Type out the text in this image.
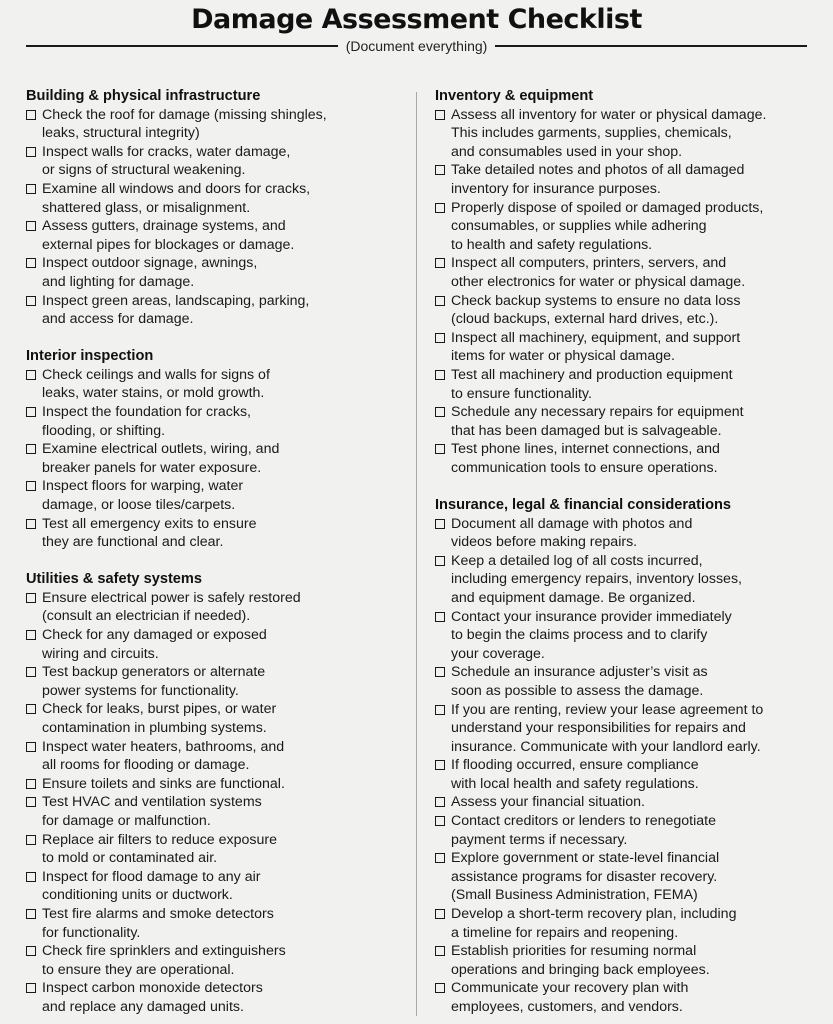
Damage Assessment Checklist
(Document everything)
Building & physical infrastructure
Check the roof for damage (missing shingles,
leaks, structural integrity)
Inspect walls for cracks, water damage,
or signs of structural weakening.
Examine all windows and doors for cracks,
shattered glass, or misalignment.
Assess gutters, drainage systems, and
external pipes for blockages or damage.
Inspect outdoor signage, awnings,
and lighting for damage.
Inspect green areas, landscaping, parking,
and access for damage.
Interior inspection
Check ceilings and walls for signs of
leaks, water stains, or mold growth.
Inspect the foundation for cracks,
flooding, or shifting.
Examine electrical outlets, wiring, and
breaker panels for water exposure.
Inspect floors for warping, water
damage, or loose tiles/carpets.
Test all emergency exits to ensure
they are functional and clear.
Utilities & safety systems
Ensure electrical power is safely restored
(consult an electrician if needed).
Check for any damaged or exposed
wiring and circuits.
Test backup generators or alternate
power systems for functionality.
Check for leaks, burst pipes, or water
contamination in plumbing systems.
Inspect water heaters, bathrooms, and
all rooms for flooding or damage.
Ensure toilets and sinks are functional.
Test HVAC and ventilation systems
for damage or malfunction.
Replace air filters to reduce exposure
to mold or contaminated air.
Inspect for flood damage to any air
conditioning units or ductwork.
Test fire alarms and smoke detectors
for functionality.
Check fire sprinklers and extinguishers
to ensure they are operational.
Inspect carbon monoxide detectors
and replace any damaged units.
Inventory & equipment
Assess all inventory for water or physical damage.
This includes garments, supplies, chemicals,
and consumables used in your shop.
Take detailed notes and photos of all damaged
inventory for insurance purposes.
Properly dispose of spoiled or damaged products,
consumables, or supplies while adhering
to health and safety regulations.
Inspect all computers, printers, servers, and
other electronics for water or physical damage.
Check backup systems to ensure no data loss
(cloud backups, external hard drives, etc.).
Inspect all machinery, equipment, and support
items for water or physical damage.
Test all machinery and production equipment
to ensure functionality.
Schedule any necessary repairs for equipment
that has been damaged but is salvageable.
Test phone lines, internet connections, and
communication tools to ensure operations.
Insurance, legal & financial considerations
Document all damage with photos and
videos before making repairs.
Keep a detailed log of all costs incurred,
including emergency repairs, inventory losses,
and equipment damage. Be organized.
Contact your insurance provider immediately
to begin the claims process and to clarify
your coverage.
Schedule an insurance adjuster’s visit as
soon as possible to assess the damage.
If you are renting, review your lease agreement to
understand your responsibilities for repairs and
insurance. Communicate with your landlord early.
If flooding occurred, ensure compliance
with local health and safety regulations.
Assess your financial situation.
Contact creditors or lenders to renegotiate
payment terms if necessary.
Explore government or state-level financial
assistance programs for disaster recovery.
(Small Business Administration, FEMA)
Develop a short-term recovery plan, including
a timeline for repairs and reopening.
Establish priorities for resuming normal
operations and bringing back employees.
Communicate your recovery plan with
employees, customers, and vendors.
